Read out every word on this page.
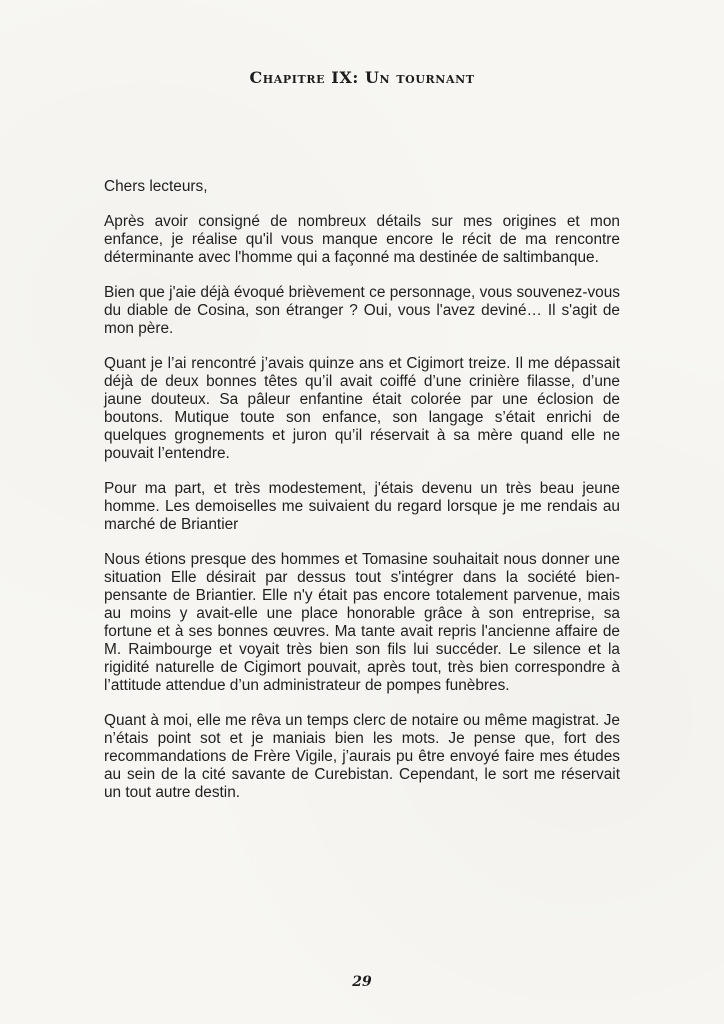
Chapitre IX: Un tournant

Chers lecteurs,

Après avoir consigné de nombreux détails sur mes origines et mon enfance, je réalise qu'il vous manque encore le récit de ma rencontre déterminante avec l'homme qui a façonné ma destinée de saltimbanque.

Bien que j'aie déjà évoqué brièvement ce personnage, vous souvenez-vous du diable de Cosina, son étranger ? Oui, vous l'avez deviné… Il s'agit de mon père.

Quant je l’ai rencontré j’avais quinze ans et Cigimort treize. Il me dépassait déjà de deux bonnes têtes qu’il avait coiffé d’une crinière filasse, d’une jaune douteux. Sa pâleur enfantine était colorée par une éclosion de boutons. Mutique toute son enfance, son langage s’était enrichi de quelques grognements et juron qu’il réservait à sa mère quand elle ne pouvait l’entendre.

Pour ma part, et très modestement, j'étais devenu un très beau jeune homme. Les demoiselles me suivaient du regard lorsque je me rendais au marché de Briantier

Nous étions presque des hommes et Tomasine souhaitait nous donner une situation Elle désirait par dessus tout s'intégrer dans la société bien-pensante de Briantier. Elle n'y était pas encore totalement parvenue, mais au moins y avait-elle une place honorable grâce à son entreprise, sa fortune et à ses bonnes œuvres. Ma tante avait repris l'ancienne affaire de M. Raimbourge et voyait très bien son fils lui succéder. Le silence et la rigidité naturelle de Cigimort pouvait, après tout, très bien correspondre à l’attitude attendue d’un administrateur de pompes funèbres.

Quant à moi, elle me rêva un temps clerc de notaire ou même magistrat. Je n’étais point sot et je maniais bien les mots. Je pense que, fort des recommandations de Frère Vigile, j’aurais pu être envoyé faire mes études au sein de la cité savante de Curebistan. Cependant, le sort me réservait un tout autre destin.

29
